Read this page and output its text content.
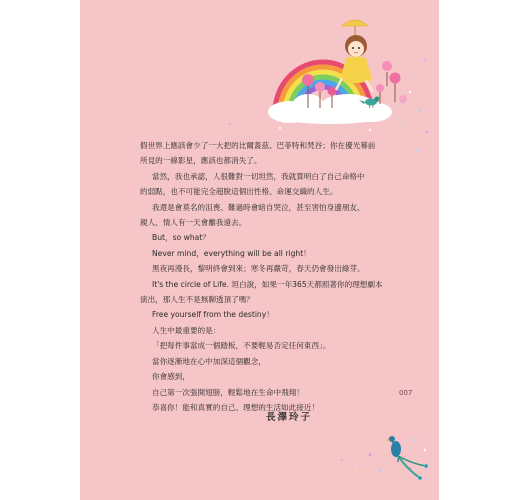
假世界上應該會少了一大把的比爾蓋茲、巴菲特和梵谷；你在優光幕前

所見的一線影星，應該也都消失了。

當然，我也承認，人很難對一切坦然，我就算明白了自己命格中

的弱點，也不可能完全超脫這個出性格、命運交織的人生。

我還是會莫名的沮喪、難過時會暗自哭泣，甚至害怕身邊朋友、

親人、情人有一天會離我遠去。

But，so what？

Never mind，everything will be all right！

黑夜再漫長，黎明終會到來；寒冬再嚴苛，春天仍會發出綠芽。

It's the circle of Life. 坦白說，如果一年365天都照著你的理想劇本

演出，那人生不是無聊透頂了嗎？

Free yourself from the destiny！

人生中最重要的是：

「把每件事當成一個踏板，不要輕易否定任何東西」。

當你逐漸地在心中加深這個觀念，

你會感到，

自己第一次張開翅膀，輕鬆地在生命中飛翔！

恭喜你！能和真實的自己、理想的生活如此接近！

007
長澤玲子
